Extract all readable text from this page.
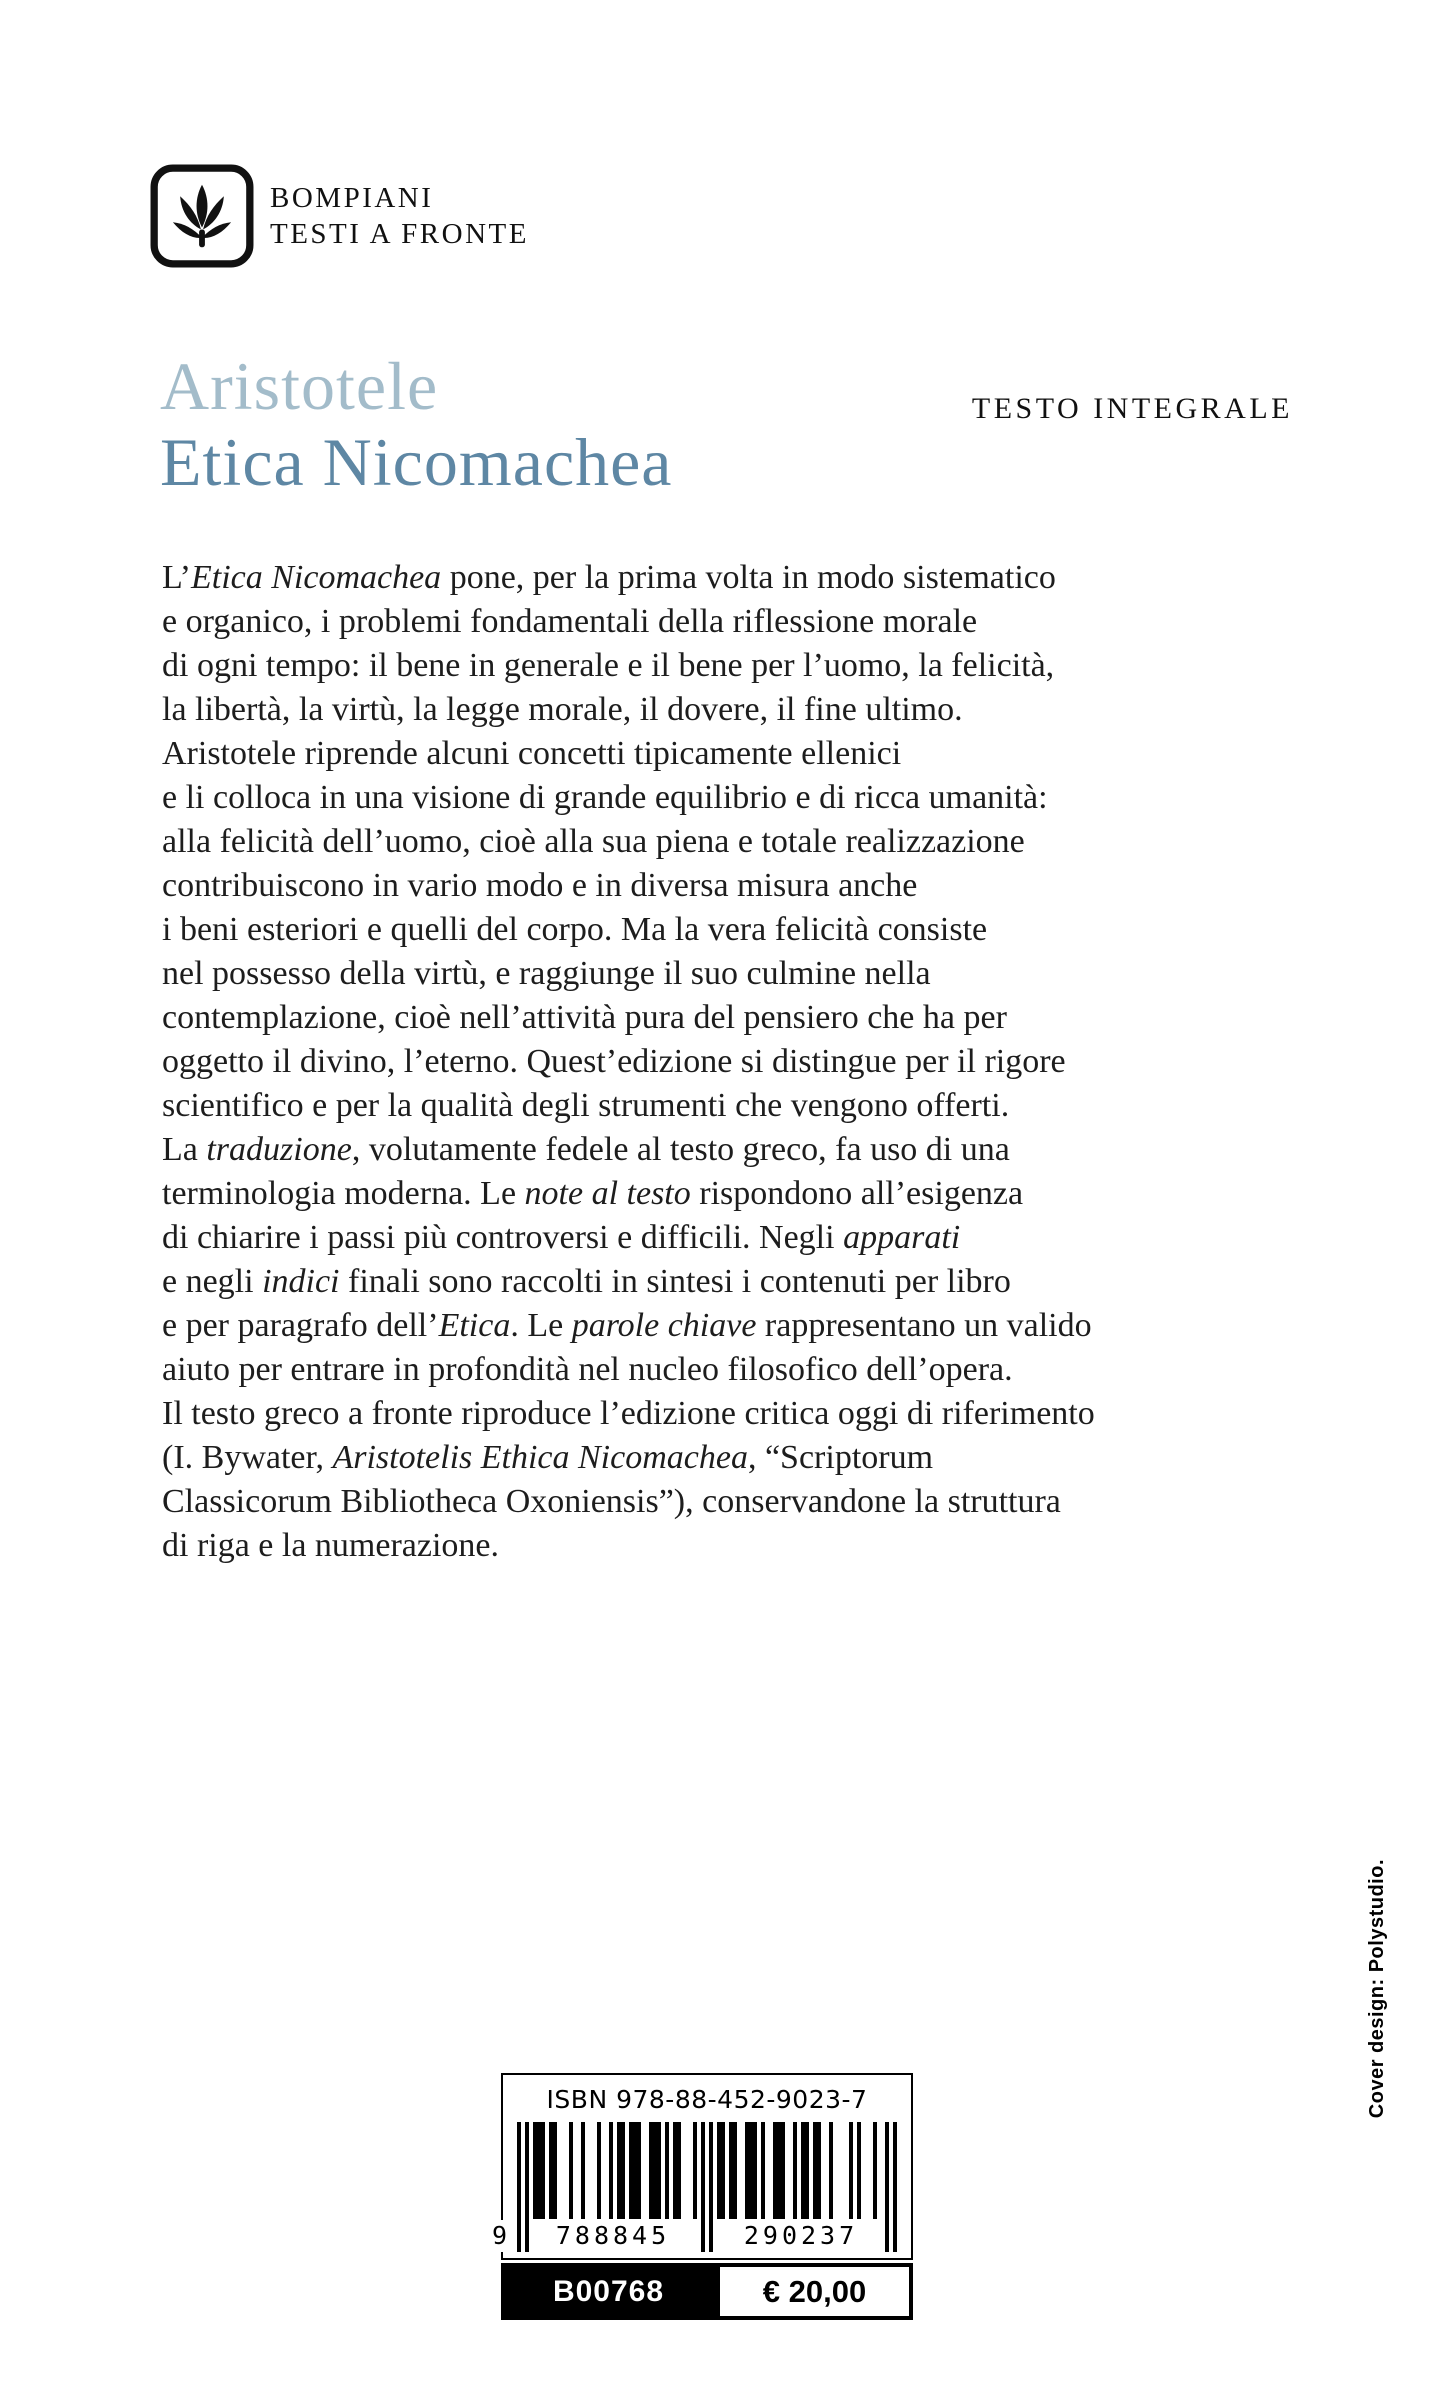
BOMPIANI
TESTI A FRONTE
TESTO INTEGRALE
Aristotele
Etica Nicomachea
L’Etica Nicomachea pone, per la prima volta in modo sistematico
e organico, i problemi fondamentali della riflessione morale
di ogni tempo: il bene in generale e il bene per l’uomo, la felicità,
la libertà, la virtù, la legge morale, il dovere, il fine ultimo.
Aristotele riprende alcuni concetti tipicamente ellenici
e li colloca in una visione di grande equilibrio e di ricca umanità:
alla felicità dell’uomo, cioè alla sua piena e totale realizzazione
contribuiscono in vario modo e in diversa misura anche
i beni esteriori e quelli del corpo. Ma la vera felicità consiste
nel possesso della virtù, e raggiunge il suo culmine nella
contemplazione, cioè nell’attività pura del pensiero che ha per
oggetto il divino, l’eterno. Quest’edizione si distingue per il rigore
scientifico e per la qualità degli strumenti che vengono offerti.
La traduzione, volutamente fedele al testo greco, fa uso di una
terminologia moderna. Le note al testo rispondono all’esigenza
di chiarire i passi più controversi e difficili. Negli apparati
e negli indici finali sono raccolti in sintesi i contenuti per libro
e per paragrafo dell’Etica. Le parole chiave rappresentano un valido
aiuto per entrare in profondità nel nucleo filosofico dell’opera.
Il testo greco a fronte riproduce l’edizione critica oggi di riferimento
(I. Bywater, Aristotelis Ethica Nicomachea, “Scriptorum
Classicorum Bibliotheca Oxoniensis”), conservandone la struttura
di riga e la numerazione.
ISBN 978-88-452-9023-7
9 788845	290237
B00768	€ 20,00
Cover design: Polystudio.
